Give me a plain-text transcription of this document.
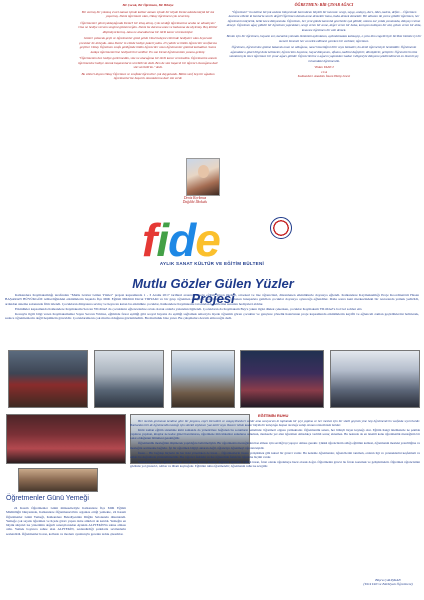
Bir Çocuk, Bir Öğretmen, Bir Hikâye

Bir varmış bir yokmuş evvel zaman içinde kalbur zaman içinde bir köyde Deniz adında küçük bir kız yaşarmış. Deniz öğretmeni olan, Oktay öğretmeni çok severmiş.

Öğretmenler günü yaklaştığında Deniz'i bir telaş almış. Çok sevdiği öğretmenine acaba ne almalıyım? Ona ne hediye versem sevgimi göstereceğim. Deniz bu durumu anne ve babasına da söylemiş. Beş kilitler düşünüyorlarmış. Ama ne alacaklarına bir türlü karar verememişler.

Günler çabucak geçti ve öğretmenler günü geldi. Okul bahçesi ellerinde hediyeler olan heyecanlı çocuklar ile doluydu. Ama Deniz' in elinde hediye paketi yoktu. 23 çalıldı ve bütün öğrenciler sınıflarına geçtiler. Oktay Öğretmen sınıfa girdiğinde bütün öğrenciler onun öğretmenler gününü kutladılar. Sonra kaikça öğretmenlerine hediyelerini verdiler. En son Deniz öğretmeninin yanına gelmiş:

"Öğretmenim ben hediye getiremedim, size ne alacağıma bir türlü karar veremedim. Öğretmenim annem öğretmenine hediye olarak başaranların verebilirsin dedi. Ben de size başarılı bir öğrenci olacağıma dair söz verebilirim." dedi.

Bu sözleri duyan Oktay Öğretmen ve sınıftaki öğrenciler çok duygulandı. Bütün sınıf hep bir ağızdan öğretmenlerine başarılı olacaklarına dair söz verdi.

Deniz Korkmaz
Dağdibi İlkokulu
ÖĞRETMEN: BİR ÇINAR AĞACI

"Öğretmen!" bu kelime birçok anlamı bünyesinde barındıran büyülü bir kavram: sevgi, saygı, anlayış, ders, ödev, kalem, defter… Öğretmen kavramı elbette ki bunlarla sınırlı değil! Öğretmen demek anne demektir bana, baba demek demektir. Bir ablanın iki yarısı gibidir öğretmen, her öğretmenin küçücük, belki koca dünyasında. Öğretmen, her yeni günde karanlık gecelerde ışık gibidir, onlara zor yolda yanımızda, dünyayı ruhun deneyi. Öğretmen ağaç gibidir bir öğretmen yaprakları, sevgi veren bir anne, değer veren bir baba, koruyan kollayan bir abi, güven veren bir abla, kısacası öğretmen bir aile demek.

Benim için bir öğretmen, hayatın zor, karanlık yolunda önümüzü aydınlatan, aydınlatmakta kalmayıp, o yola tüm engelleriyle birlikte bizimle iyi bir menzil. Kısmeti her an izlek edilmesi gereken bir varlıktır, öğretmen.

Öğretmen, öğrencisine güzine bakarak onun ne olduğunu, nasıl hissettiğini bilir veya bizzatler, bu denli öğrencisiyle hemhâldir. Öğretmenin ağzındaki o güzel bilgi dolu kelimeler, öğrencinin hayatını, hayal dünyasını, ufkunu, kalbini değiştirir, dönüştürür, geliştirir. Öğrencilerin tüm sıkıntılarıyla önce öğretmen bir çınar ağacı gibidir. Öğrencilerine o ağacın yaprakları kadar. Gölgesiyle dünyamı şekillendirecek en önemli şey ruhumdaki öğretmenlik.

Vildan YAZICI
11/A
Kalkandere Anadolu İmam Hatip Lisesi
fide
AYLIK SANAT KÜLTÜR VE EĞİTİM BÜLTENİ
Mutlu Gözler Gülen Yüzler Projesi

Kalkandere Kaymakamlığı tarafından "Mutlu Gözler Gülen Yüzler" projesi kapsamında 1 - 3 Aralık 2017 tarihleri arasında ilçede eğitim gören ilkokul, ortaokul ve lise öğrencileri, düzenlenen etkinliklerle doyasıya eğlendi. Kalkandere Kaymakamlığı Proje Koordinatörü Hasan BAŞARAN BÜYÜKGÖZ rehberliğindeki etkinliklerin başında İlçe Milli Eğitim Müdürü Davut TIRYAKI ve bir grup öğretmen eşliğinde kent merkezinde bulunan lunaparkta getirilen çocuklar doyasıya oyuncağa eğlendiler. Daha sonra kent merkezindeki bir restoranda yemek yedirildi, ardından sinema salonunda film izlendi. Çocukların dünyasına sevinç ve heyecan katan bu etkinlikte çocuklar, Kalkandere Kaymakamı tarafından kendilerine sunulan hediyeleri aldılar.

Etkinlikler kapsamında Kalkandere Kaymakamı Sercan YILMAZ da çocukların eğlencelerine ortak olarak onlarla yakından ilgilendi. Çocukların da Kaymakam Bey'e yakın ilgisi dikkat çekerken, çocuklar Kaymakam YILMAZ'a bol bol sohbet etti.

Konuyla ilgili bilgi veren Kaymakamımız Sayın Sercan Yılmaz, eğitimde fırsat eşitliği gibi sosyal hayatta da eşitliği sağlamak amacıyla ilçede öğrenim gören çocuklar ve gençlere yönelik hazırlanan proje kapsamında etkinliklerin keyifli ve eğlenceli zaman geçirdiklerini belirterek, sadece öğretmenlerin değil hepimizin görevidir. Çocuklarımızın çok mutlu olduğunu gözlemledim. Bu mutluluk bize yeter. Bu çalışmaları devam ettireceğiz dedi.

Öğretmenler Günü Yemeği

24 Kasım Öğretmenler Günü münasebetiyle Kalkandere İlçe Milli Eğitim Müdürlüğü bünyesinde, Kalkandere Öğretmenevi'nin organize ettiği yemekte, 24 Kasım Öğretmenler Günü Yemeği, Kalkandere Belediyesinin Düğün Salonunda düzenlendi. Yemeğe çok sayıda öğretmen ve ilçede görev yapan daire amirleri de katıldı. Yemeğin en büyük sürprizi ise yönetimin değerli sanatçılarından Aytekin ALPTEKİN'in sahne alması oldu. Yemek boyunca sahne alan ALPTEKİN, seslendirdiği şarkılarla sevilenlerin seslendirdi. Öğretmenler horon, kolbastı ve modern oyunlarıyla gecenin tadını çıkardılar.

EĞİTİMİN RUHU

Her meslek grubunun kendine göre bir jargonu, espri literatürü ve vazgeçilmezleri vardır ama sanıyorum ki toplumda bir şeyi yapılsa ve her meslek için bir sözlü geçmek yine hep öğretmenlerin vasfında sıyırırlardır. Bunlardan biri de öğretmenlik mesleği için sürekli söylenen 'yaz tatili' veya 'Kasım' telkin kadar büyük bir kolaylığa baştan mesleğe sahip olunan nimetinizde boldur.

Kimi zaman eğitim sistemine kimi zamanda da yöneticilere bağlanan bu sorunların temelinde 'öğretmen' olgusu yatmaktadır. Öğretmenlik sanatı, her bilinçli hayat kaynağı olur. Eğitim hangi niteliksizde ne şekilde yapılırsa yapılsın, kitaplar ne kadar güzel hazırlanırsa, öğretmene tüm imkanlar sunulursa sunulsun, merkezde yer alan öğretmen olmadıkça verimli sonuç alınamaz. Bu noktada da en önemli konu öğretmenlik mesleğinin bir sanat olduğunun bilinmesi gerektiğidir.

Öğretmenlik mesleğinin düşünerek yapıldığını belirtmeliyim. Bir öğretmenin mesleğinden haz alması için sevdiği işi yapıyor olması gerekir. Çünkü öğrencilerin aldığı eğitimin kalitesi, öğretmenin mesleki yeterliliğine ve mesleğini sevmesine bağlıdır. İyi bir öğretmen bilgiyi aktaran değil, öğrenciye öğrenmeyi öğreten kişidir.

İnsan… Bir bağdaşı hiçlerin ile her ikisi yönetirken de insan… Öğretmenlerin insanı yetiştirmek gibi kutsal bir görevi vardır. Bu nedenle öğretmenler, öğrencilerini tanımalı, onların ilgi ve yeteneklerini keşfetmeli ve onları bu doğrultuda yönlendirmelidir. Her öğrenci farklıdır ve her öğrencinin farklı bir öğrenme biçimi vardır.

Standartlaştırılmış eğitim, standart insan üretir ki bu, insanın doğasına aykırıdır. Çünkü insan, fıtrat olarak öğrenmeye hazır olarak doğar. Öğretmenin görevi bu fıtratı korumak ve geliştirmektir. Öğretmen öğrencisinin gözünde yol gösterici, rehber ve ilham kaynağıdır. Eğitimin ruhu öğretmendir; öğretmenin ruhu ise sevgidir.

Büşra ÇALIŞKAN
(Türk Dili ve Edebiyatı Öğretmeni)
